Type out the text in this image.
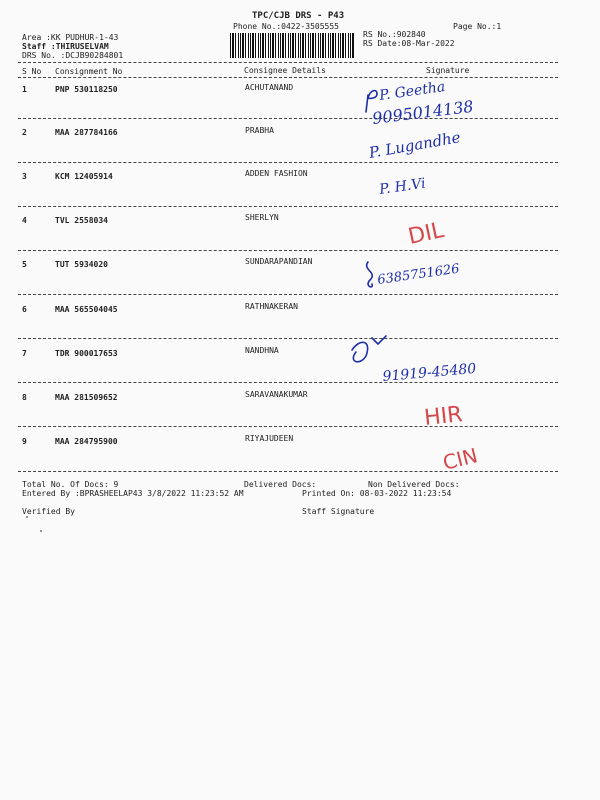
TPC/CJB DRS - P43
Phone No.:0422-3505555	Page No.:1
Area :KK PUDHUR-1-43
Staff :THIRUSELVAM
DRS No. :DCJB90284801
RS No.:902840
RS Date:08-Mar-2022
S No Consignment No	Consignee Details	Signature
1	PNP 530118250	ACHUTANAND
2	MAA 287784166	PRABHA
3	KCM 12405914	ADDEN FASHION
4	TVL 2558034	SHERLYN
5	TUT 5934020	SUNDARAPANDIAN
6	MAA 565504045	RATHNAKERAN
7	TDR 900017653	NANDHNA
8	MAA 281509652	SARAVANAKUMAR
9	MAA 284795900	RIYAJUDEEN
Total No. Of Docs: 9	Delivered Docs:	Non Delivered Docs:
Entered By :BPRASHEELAP43 3/8/2022 11:23:52 AM	Printed On: 08-03-2022 11:23:54
Verified By	Staff Signature
P. Geetha
9095014138
P. Lugandhe
P. H.Vi
DIL
6385751626
91919-45480
HIR
CIN
